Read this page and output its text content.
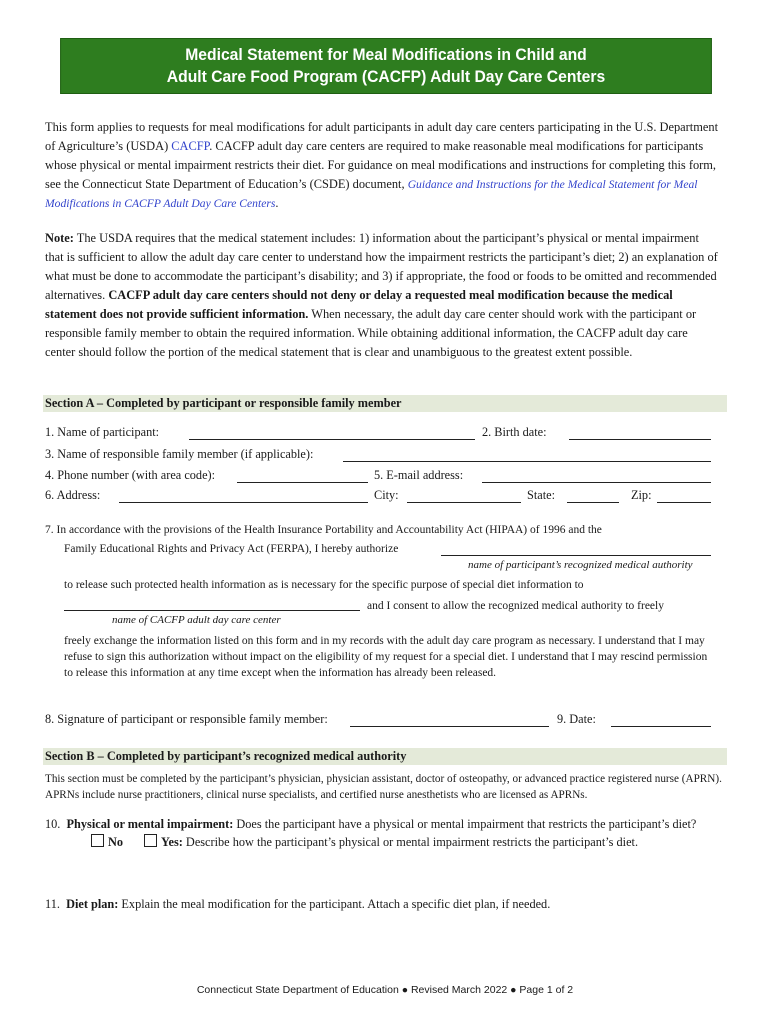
Medical Statement for Meal Modifications in Child and
Adult Care Food Program (CACFP) Adult Day Care Centers
This form applies to requests for meal modifications for adult participants in adult day care centers participating in the U.S. Department of Agriculture’s (USDA) CACFP. CACFP adult day care centers are required to make reasonable meal modifications for participants whose physical or mental impairment restricts their diet. For guidance on meal modifications and instructions for completing this form, see the Connecticut State Department of Education’s (CSDE) document, Guidance and Instructions for the Medical Statement for Meal Modifications in CACFP Adult Day Care Centers.
Note: The USDA requires that the medical statement includes: 1) information about the participant’s physical or mental impairment that is sufficient to allow the adult day care center to understand how the impairment restricts the participant’s diet; 2) an explanation of what must be done to accommodate the participant’s disability; and 3) if appropriate, the food or foods to be omitted and recommended alternatives. CACFP adult day care centers should not deny or delay a requested meal modification because the medical statement does not provide sufficient information. When necessary, the adult day care center should work with the participant or responsible family member to obtain the required information. While obtaining additional information, the CACFP adult day care center should follow the portion of the medical statement that is clear and unambiguous to the greatest extent possible.
Section A – Completed by participant or responsible family member
1. Name of participant:	2. Birth date:
3. Name of responsible family member (if applicable):
4. Phone number (with area code):	5. E-mail address:
6. Address:	City:	State:	Zip:
7. In accordance with the provisions of the Health Insurance Portability and Accountability Act (HIPAA) of 1996 and the
Family Educational Rights and Privacy Act (FERPA), I hereby authorize
name of participant’s recognized medical authority
to release such protected health information as is necessary for the specific purpose of special diet information to
and I consent to allow the recognized medical authority to freely
name of CACFP adult day care center
freely exchange the information listed on this form and in my records with the adult day care program as necessary. I understand that I may refuse to sign this authorization without impact on the eligibility of my request for a special diet. I understand that I may rescind permission to release this information at any time except when the information has already been released.
8. Signature of participant or responsible family member:	9. Date:
Section B – Completed by participant’s recognized medical authority
This section must be completed by the participant’s physician, physician assistant, doctor of osteopathy, or advanced practice registered nurse (APRN). APRNs include nurse practitioners, clinical nurse specialists, and certified nurse anesthetists who are licensed as APRNs.
10. Physical or mental impairment: Does the participant have a physical or mental impairment that restricts the participant’s diet?
No	Yes: Describe how the participant’s physical or mental impairment restricts the participant’s diet.
11. Diet plan: Explain the meal modification for the participant. Attach a specific diet plan, if needed.
Connecticut State Department of Education ● Revised March 2022 ● Page 1 of 2
